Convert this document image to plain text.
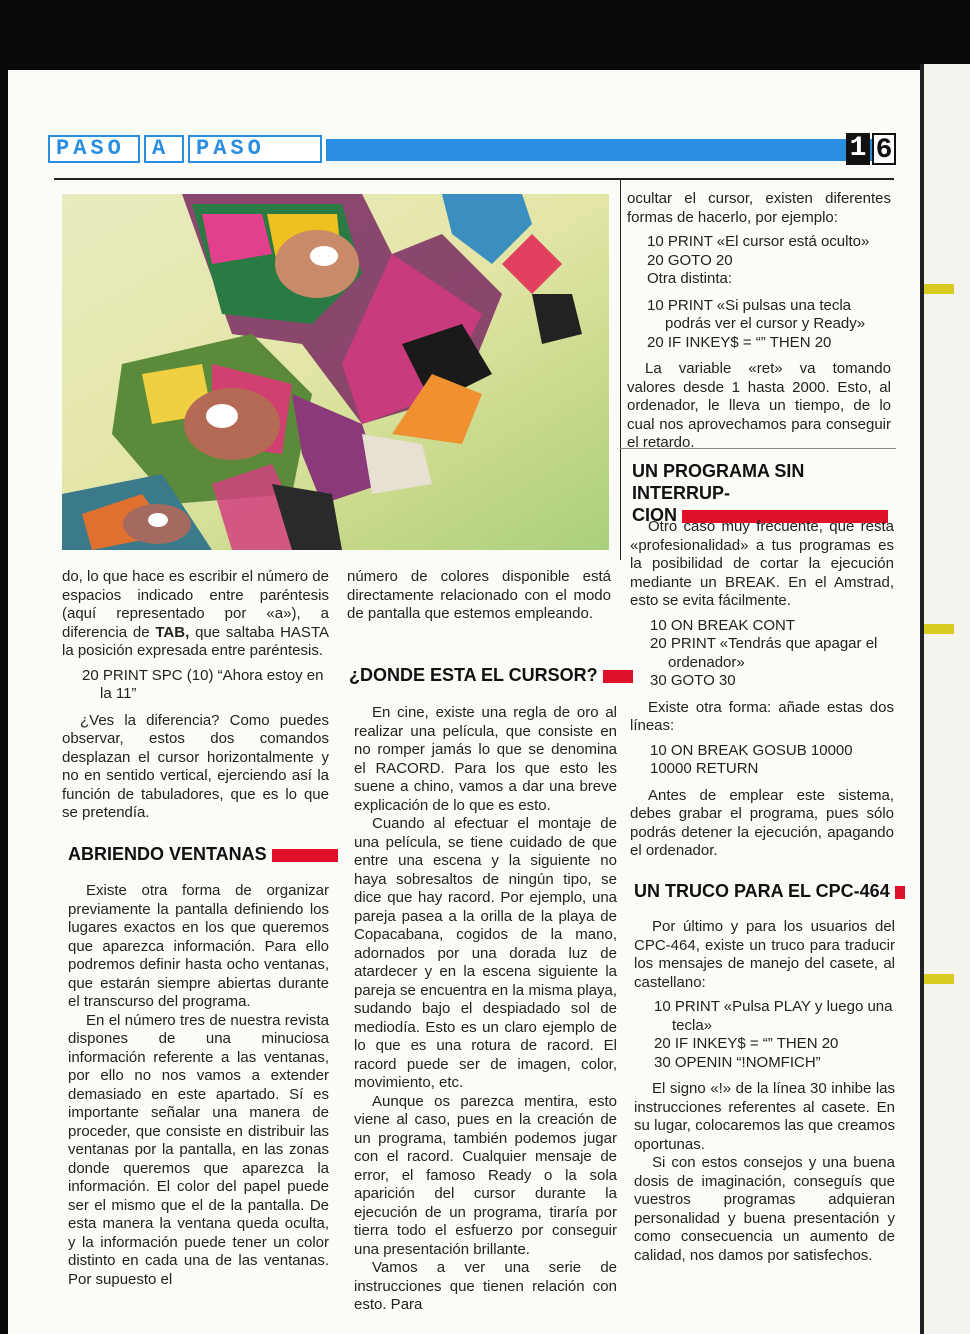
PASO	A	PASO	1 6

do, lo que hace es escribir el número de espacios indicado entre paréntesis (aquí representado por «a»), a diferencia de TAB, que saltaba HASTA la posición expresada entre paréntesis.

20 PRINT SPC (10) “Ahora estoy en la 11”

¿Ves la diferencia? Como puedes observar, estos dos comandos desplazan el cursor horizontalmente y no en sentido vertical, ejerciendo así la función de tabuladores, que es lo que se pretendía.

ABRIENDO VENTANAS

Existe otra forma de organizar previamente la pantalla definiendo los lugares exactos en los que queremos que aparezca información. Para ello podremos definir hasta ocho ventanas, que estarán siempre abiertas durante el transcurso del programa.

En el número tres de nuestra revista dispones de una minuciosa información referente a las ventanas, por ello no nos vamos a extender demasiado en este apartado. Sí es importante señalar una manera de proceder, que consiste en distribuir las ventanas por la pantalla, en las zonas donde queremos que aparezca la información. El color del papel puede ser el mismo que el de la pantalla. De esta manera la ventana queda oculta, y la información puede tener un color distinto en cada una de las ventanas. Por supuesto el

número de colores disponible está directamente relacionado con el modo de pantalla que estemos empleando.

¿DONDE ESTA EL CURSOR?

En cine, existe una regla de oro al realizar una película, que consiste en no romper jamás lo que se denomina el RACORD. Para los que esto les suene a chino, vamos a dar una breve explicación de lo que es esto.

Cuando al efectuar el montaje de una película, se tiene cuidado de que entre una escena y la siguiente no haya sobresaltos de ningún tipo, se dice que hay racord. Por ejemplo, una pareja pasea a la orilla de la playa de Copacabana, cogidos de la mano, adornados por una dorada luz de atardecer y en la escena siguiente la pareja se encuentra en la misma playa, sudando bajo el despiadado sol de mediodía. Esto es un claro ejemplo de lo que es una rotura de racord. El racord puede ser de imagen, color, movimiento, etc.

Aunque os parezca mentira, esto viene al caso, pues en la creación de un programa, también podemos jugar con el racord. Cualquier mensaje de error, el famoso Ready o la sola aparición del cursor durante la ejecución de un programa, tiraría por tierra todo el esfuerzo por conseguir una presentación brillante.

Vamos a ver una serie de instrucciones que tienen relación con esto. Para

ocultar el cursor, existen diferentes formas de hacerlo, por ejemplo:

10 PRINT «El cursor está oculto»
20 GOTO 20
Otra distinta:
10 PRINT «Si pulsas una tecla podrás ver el cursor y Ready»
20 IF INKEY$ = “” THEN 20

La variable «ret» va tomando valores desde 1 hasta 2000. Esto, al ordenador, le lleva un tiempo, de lo cual nos aprovechamos para conseguir el retardo.

UN PROGRAMA SIN INTERRUP-
CION

Otro caso muy frecuente, que resta «profesionalidad» a tus programas es la posibilidad de cortar la ejecución mediante un BREAK. En el Amstrad, esto se evita fácilmente.

10 ON BREAK CONT
20 PRINT «Tendrás que apagar el ordenador»
30 GOTO 30

Existe otra forma: añade estas dos líneas:

10 ON BREAK GOSUB 10000
10000 RETURN

Antes de emplear este sistema, debes grabar el programa, pues sólo podrás detener la ejecución, apagando el ordenador.

UN TRUCO PARA EL CPC-464

Por último y para los usuarios del CPC-464, existe un truco para traducir los mensajes de manejo del casete, al castellano:

10 PRINT «Pulsa PLAY y luego una tecla»
20 IF INKEY$ = “” THEN 20
30 OPENIN “!NOMFICH”

El signo «!» de la línea 30 inhibe las instrucciones referentes al casete. En su lugar, colocaremos las que creamos oportunas.

Si con estos consejos y una buena dosis de imaginación, conseguís que vuestros programas adquieran personalidad y buena presentación y como consecuencia un aumento de calidad, nos damos por satisfechos.
